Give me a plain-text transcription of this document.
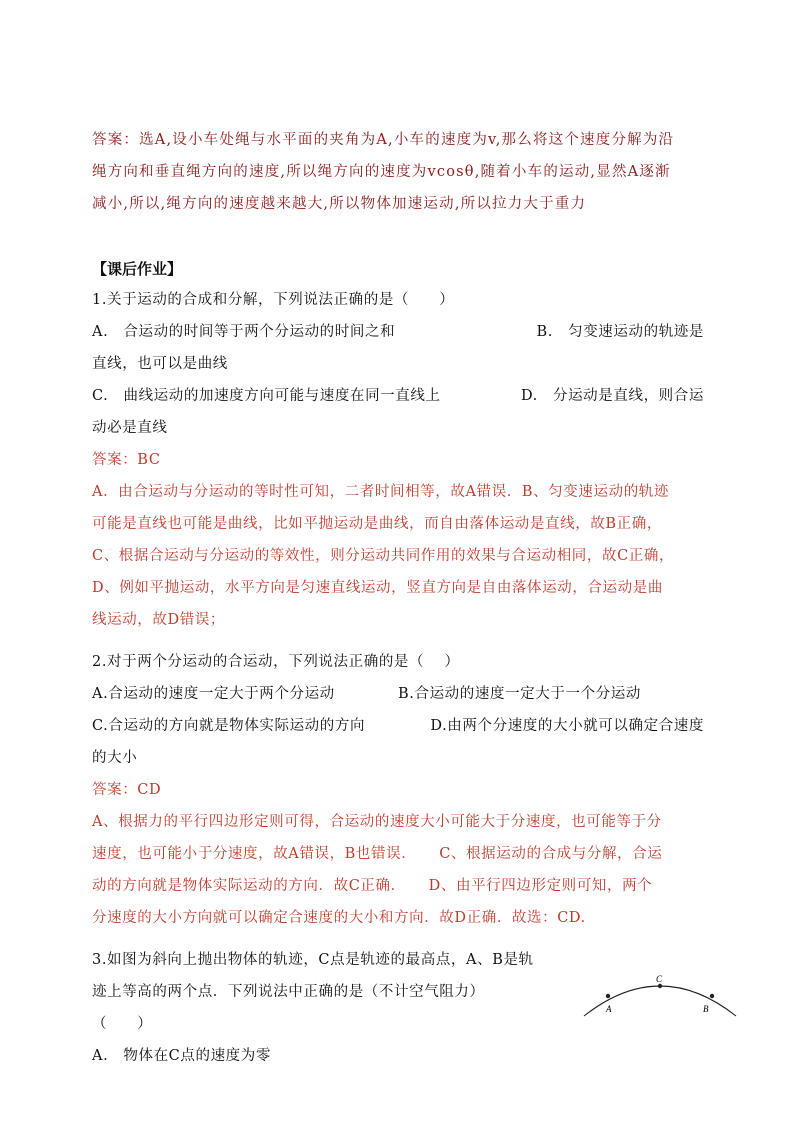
答案：选A,设小车处绳与水平面的夹角为A,小车的速度为v,那么将这个速度分解为沿

绳方向和垂直绳方向的速度,所以绳方向的速度为vcosθ,随着小车的运动,显然A逐渐

减小,所以,绳方向的速度越来越大,所以物体加速运动,所以拉力大于重力

【课后作业】

1.关于运动的合成和分解，下列说法正确的是（　　）

A.　合运动的时间等于两个分运动的时间之和	B.　匀变速运动的轨迹是

直线，也可以是曲线

C.　曲线运动的加速度方向可能与速度在同一直线上	D.　分运动是直线，则合运

动必是直线

答案：BC

A．由合运动与分运动的等时性可知，二者时间相等，故A错误．B、匀变速运动的轨迹

可能是直线也可能是曲线，比如平抛运动是曲线，而自由落体运动是直线，故B正确，

C、根据合运动与分运动的等效性，则分运动共同作用的效果与合运动相同，故C正确，

D、例如平抛运动，水平方向是匀速直线运动，竖直方向是自由落体运动，合运动是曲

线运动，故D错误；

2.对于两个分运动的合运动，下列说法正确的是（　 ）

A.合运动的速度一定大于两个分运动	B.合运动的速度一定大于一个分运动
C.合运动的方向就是物体实际运动的方向	D.由两个分速度的大小就可以确定合速度

的大小

答案：CD

A、根据力的平行四边形定则可得，合运动的速度大小可能大于分速度，也可能等于分

速度，也可能小于分速度，故A错误，B也错误．　　C、根据运动的合成与分解，合运

动的方向就是物体实际运动的方向．故C正确．　　D、由平行四边形定则可知，两个

分速度的大小方向就可以确定合速度的大小和方向．故D正确．故选：CD.

3.如图为斜向上抛出物体的轨迹，C点是轨迹的最高点，A、B是轨

迹上等高的两个点．下列说法中正确的是（不计空气阻力）

（　　）

A.　物体在C点的速度为零

A
C
B
